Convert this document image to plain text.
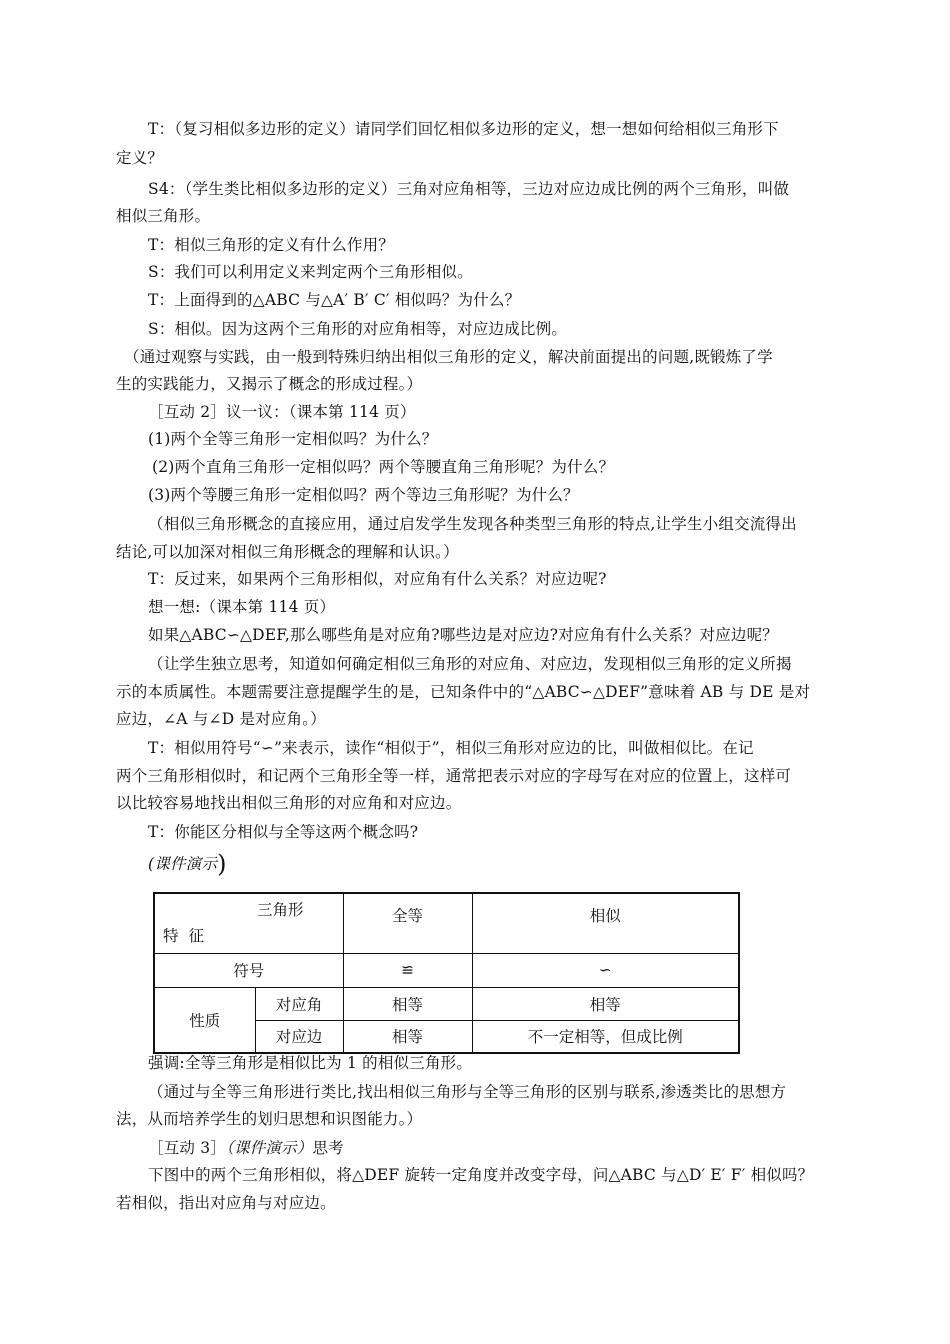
T：（复习相似多边形的定义）请同学们回忆相似多边形的定义，想一想如何给相似三角形下
定义？
S4：（学生类比相似多边形的定义）三角对应角相等，三边对应边成比例的两个三角形，叫做
相似三角形。
T：相似三角形的定义有什么作用？
S：我们可以利用定义来判定两个三角形相似。
T：上面得到的△ABC 与△A′ B′ C′ 相似吗？为什么？
S：相似。因为这两个三角形的对应角相等，对应边成比例。
（通过观察与实践，由一般到特殊归纳出相似三角形的定义，解决前面提出的问题,既锻炼了学
生的实践能力，又揭示了概念的形成过程。）
［互动 2］议一议：（课本第 114 页）
(1)两个全等三角形一定相似吗？为什么？
(2)两个直角三角形一定相似吗？两个等腰直角三角形呢？为什么？
(3)两个等腰三角形一定相似吗？两个等边三角形呢？为什么？
（相似三角形概念的直接应用，通过启发学生发现各种类型三角形的特点,让学生小组交流得出
结论,可以加深对相似三角形概念的理解和认识。）
T：反过来，如果两个三角形相似，对应角有什么关系？对应边呢?
想一想:（课本第 114 页）
如果△ABC∽△DEF,那么哪些角是对应角?哪些边是对应边?对应角有什么关系？对应边呢？
（让学生独立思考，知道如何确定相似三角形的对应角、对应边，发现相似三角形的定义所揭
示的本质属性。本题需要注意提醒学生的是，已知条件中的“△ABC∽△DEF”意味着 AB 与 DE 是对
应边，∠A 与∠D 是对应角。）
T：相似用符号“∽”来表示，读作“相似于”，相似三角形对应边的比，叫做相似比。在记
两个三角形相似时，和记两个三角形全等一样，通常把表示对应的字母写在对应的位置上，这样可
以比较容易地找出相似三角形的对应角和对应边。
T：你能区分相似与全等这两个概念吗?
(课件演示)
三角形
特征		全等	相似
符号		≌	∽
性质	对应角	相等	相等
	对应边	相等	不一定相等，但成比例
强调:全等三角形是相似比为 1 的相似三角形。
（通过与全等三角形进行类比,找出相似三角形与全等三角形的区别与联系,渗透类比的思想方
法，从而培养学生的划归思想和识图能力。）
［互动 3］（课件演示）思考
下图中的两个三角形相似，将△DEF 旋转一定角度并改变字母，问△ABC 与△D′ E′ F′ 相似吗？
若相似，指出对应角与对应边。
